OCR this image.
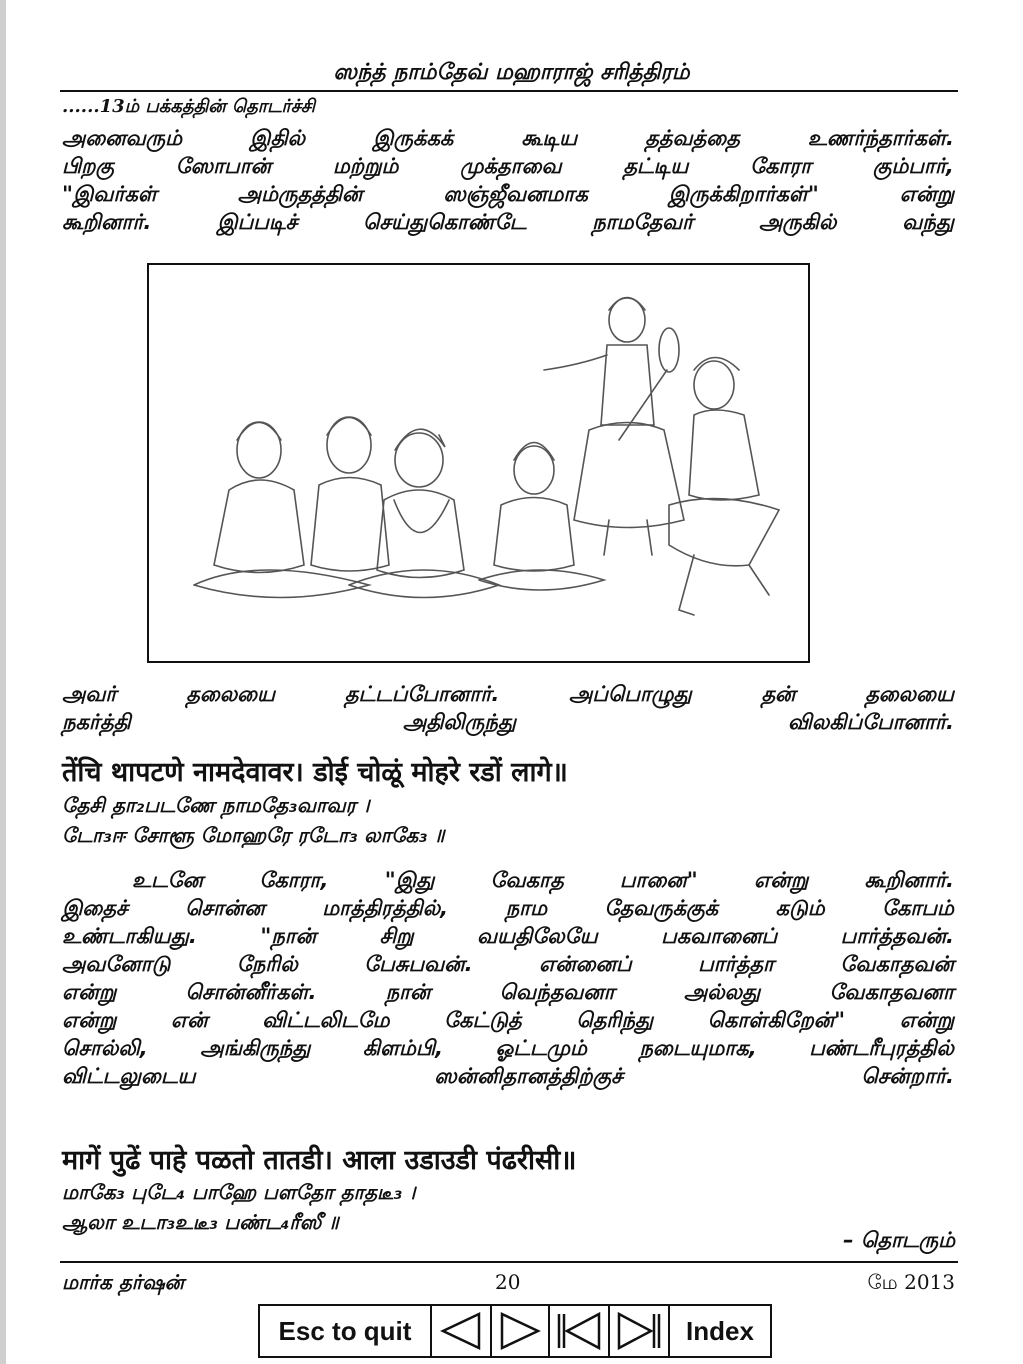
ஸந்த் நாம்தேவ் மஹாராஜ் சரித்திரம்
......13ம் பக்கத்தின் தொடர்ச்சி
அனைவரும்	இதில்	இருக்கக்	கூடிய	தத்வத்தை	உணர்ந்தார்கள்.
பிறகு	ஸோபான்	மற்றும்	முக்தாவை	தட்டிய	கோரா	கும்பார்,
"இவர்கள்	அம்ருதத்தின்	ஸஞ்ஜீவனமாக	இருக்கிறார்கள்"	என்று
கூறினார்.	இப்படிச்	செய்துகொண்டே	நாமதேவர்	அருகில்	வந்து
அவர்	தலையை	தட்டப்போனார்.	அப்பொழுது	தன்	தலையை
நகர்த்தி அதிலிருந்து விலகிப்போனார்.
तेंचि थापटणे नामदेवावर। डोई चोळूं मोहरे रडों लागे॥
தேசி தா₂படணே நாமதே₃வாவர ।
டோ₃ஈ சோளூ மோஹரே ரடோ₃ லாகே₃ ॥
உடனே	கோரா,	"இது	வேகாத	பானை"	என்று	கூறினார்.
இதைச்	சொன்ன	மாத்திரத்தில்,	நாம	தேவருக்குக்	கடும்	கோபம்
உண்டாகியது.	"நான்	சிறு	வயதிலேயே	பகவானைப்	பார்த்தவன்.
அவனோடு	நேரில்	பேசுபவன்.	என்னைப்	பார்த்தா	வேகாதவன்
என்று	சொன்னீர்கள்.	நான்	வெந்தவனா	அல்லது	வேகாதவனா
என்று	என்	விட்டலிடமே	கேட்டுத்	தெரிந்து	கொள்கிறேன்"	என்று
சொல்லி,	அங்கிருந்து	கிளம்பி,	ஓட்டமும்	நடையுமாக,	பண்டரீபுரத்தில்
விட்டலுடைய ஸன்னிதானத்திற்குச் சென்றார்.
मागें पुढें पाहे पळतो तातडी। आला उडाउडी पंढरीसी॥
மாகே₃ புடே₄ பாஹே பளதோ தாதடீ₃ ।
ஆலா உடா₃உடீ₃ பண்ட₄ரீஸீ ॥
– தொடரும்
மார்க தர்ஷன்	20	மே 2013
Esc to quit	Index
